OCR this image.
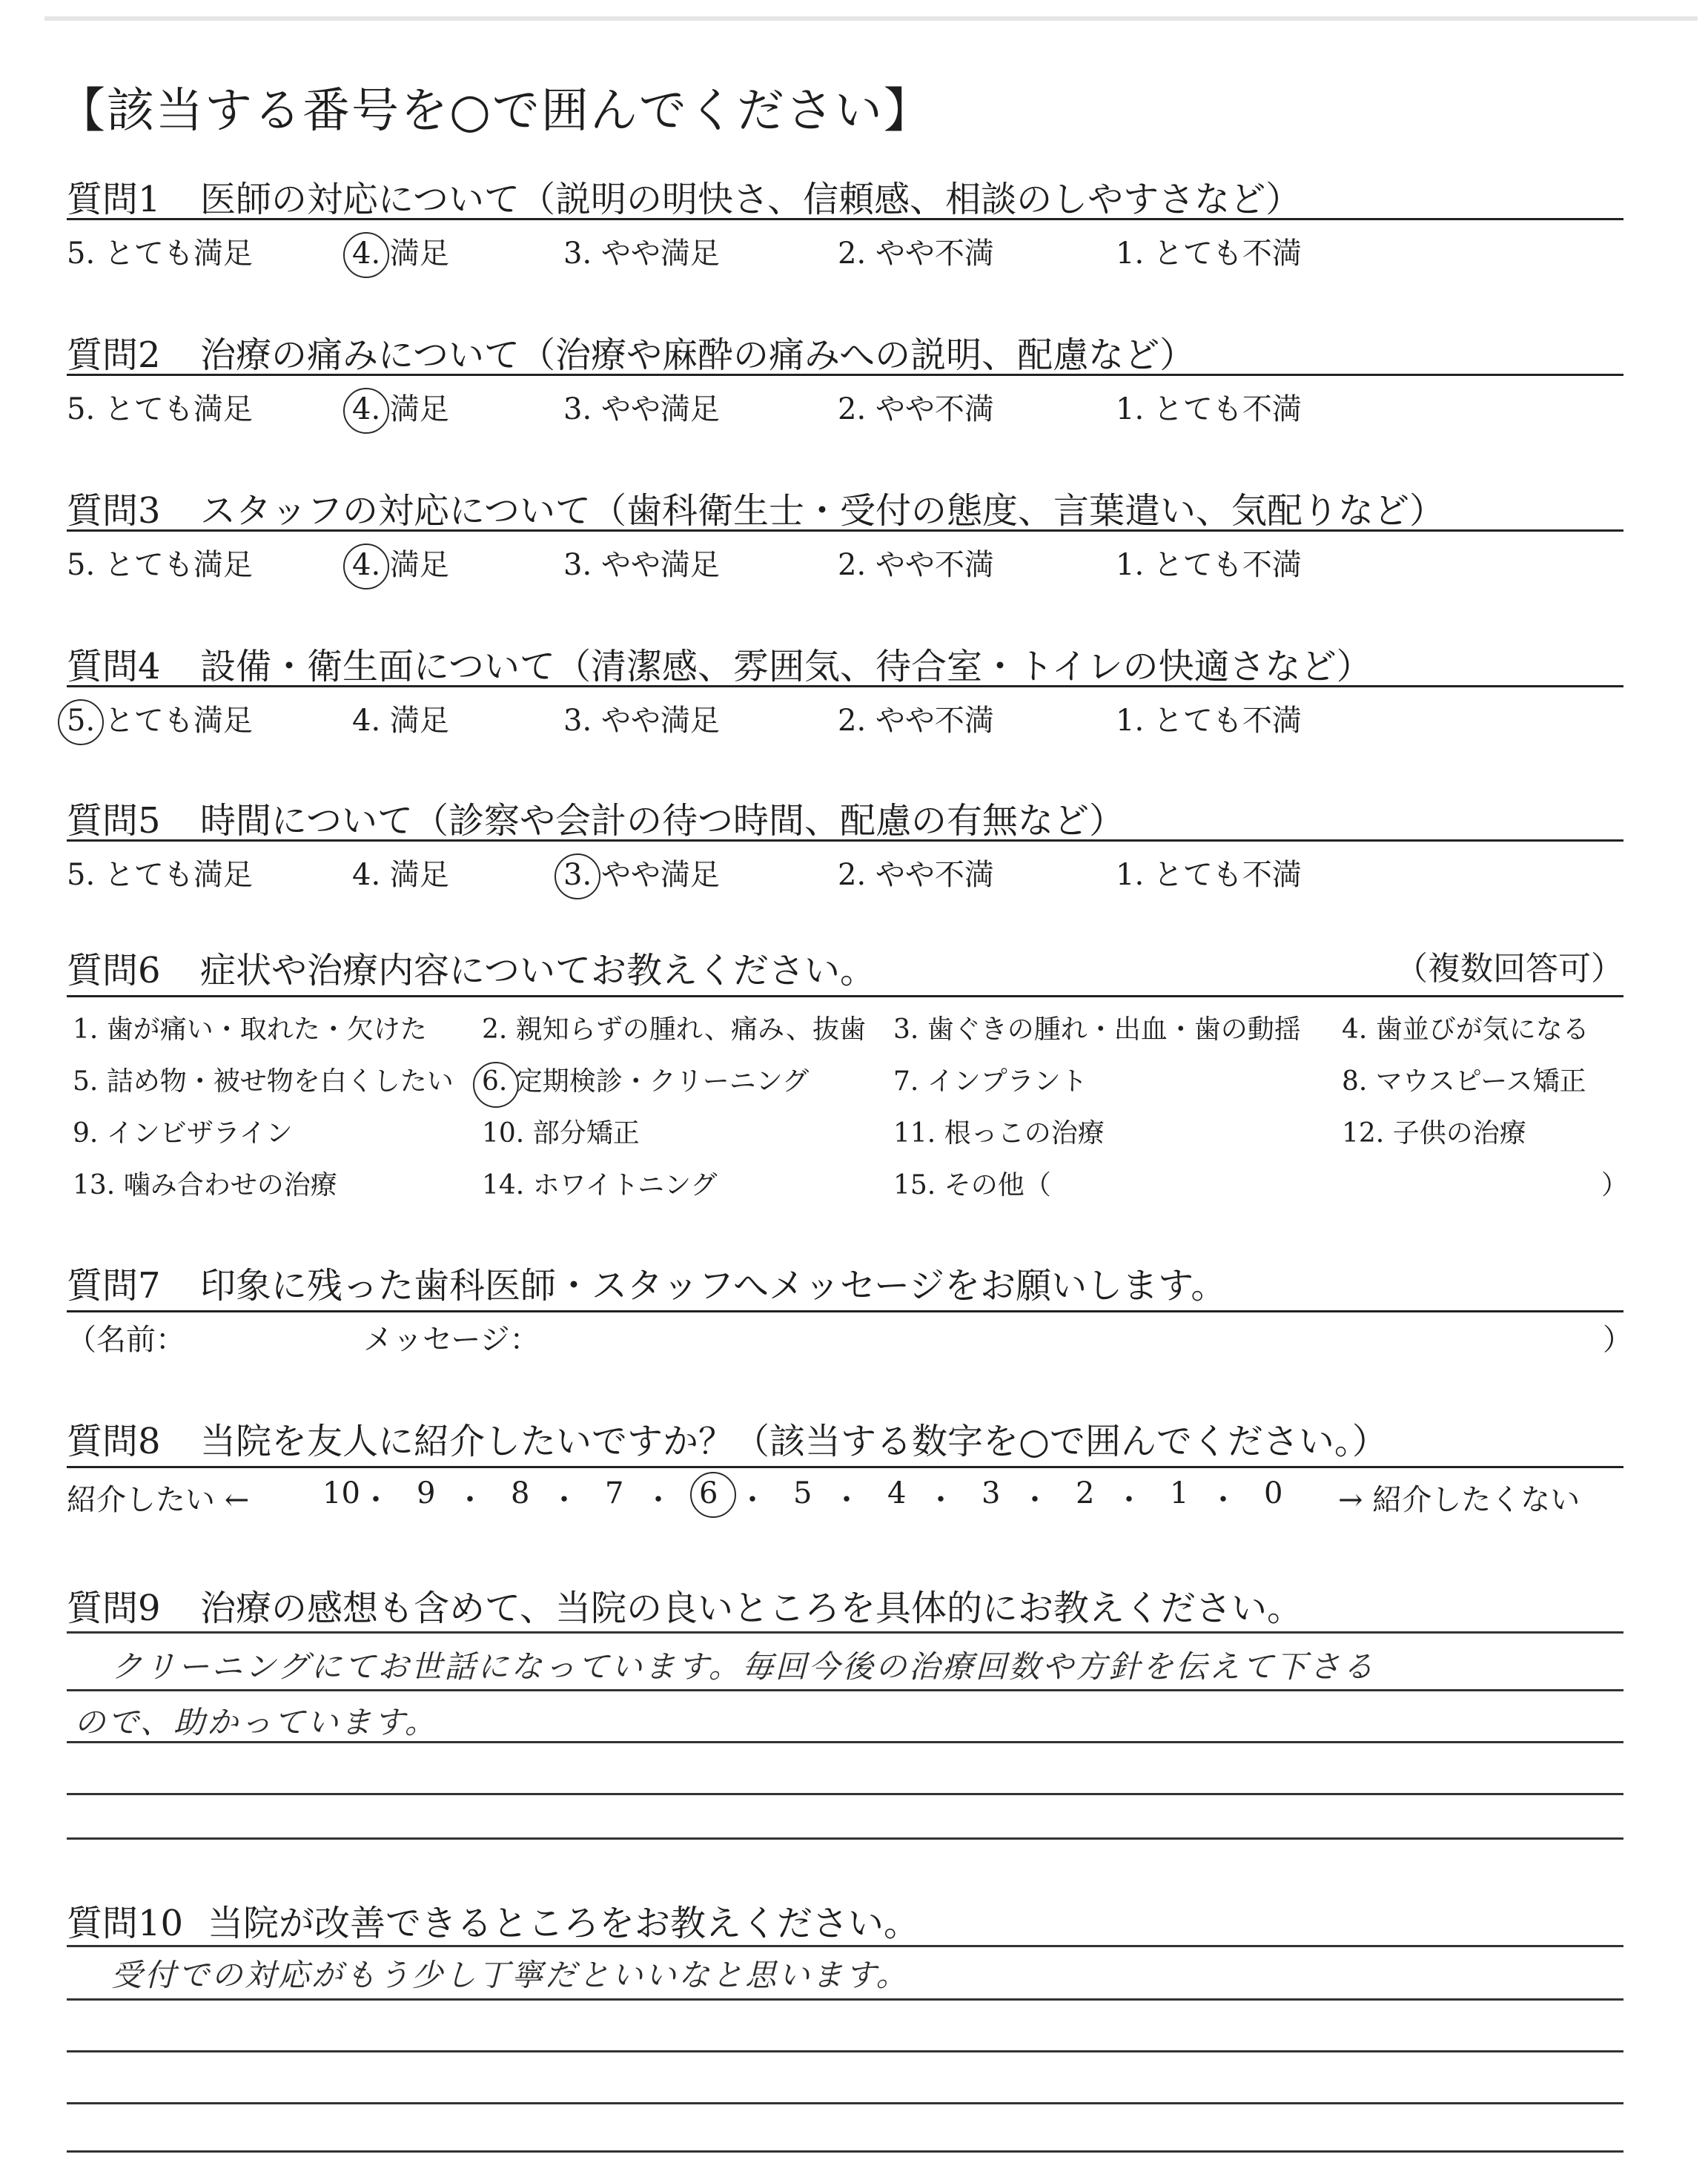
【該当する番号を○で囲んでください】
質問1 医師の対応について（説明の明快さ、信頼感、相談のしやすさなど）
5. とても満足	4. 満足	3. やや満足	2. やや不満	1. とても不満
質問2 治療の痛みについて（治療や麻酔の痛みへの説明、配慮など）
5. とても満足	4. 満足	3. やや満足	2. やや不満	1. とても不満
質問3 スタッフの対応について（歯科衛生士・受付の態度、言葉遣い、気配りなど）
5. とても満足	4. 満足	3. やや満足	2. やや不満	1. とても不満
質問4 設備・衛生面について（清潔感、雰囲気、待合室・トイレの快適さなど）
5. とても満足	4. 満足	3. やや満足	2. やや不満	1. とても不満
質問5 時間について（診察や会計の待つ時間、配慮の有無など）
5. とても満足	4. 満足	3. やや満足	2. やや不満	1. とても不満
質問6 症状や治療内容についてお教えください。	（複数回答可）
1. 歯が痛い・取れた・欠けた 2. 親知らずの腫れ、痛み、抜歯 3. 歯ぐきの腫れ・出血・歯の動揺 4. 歯並びが気になる
5. 詰め物・被せ物を白くしたい 6. 定期検診・クリーニング	7. インプラント	8. マウスピース矯正
9. インビザライン	10. 部分矯正	11. 根っこの治療	12. 子供の治療
13. 噛み合わせの治療	14. ホワイトニング	15. その他（	）
質問7 印象に残った歯科医師・スタッフへメッセージをお願いします。
（名前：	メッセージ：	）
質問8 当院を友人に紹介したいですか？（該当する数字を○で囲んでください。）
紹介したい ← 10 ・ 9 ・ 8 ・ 7 ・ 6 ・ 5 ・ 4 ・ 3 ・ 2 ・ 1 ・ 0 → 紹介したくない
質問9 治療の感想も含めて、当院の良いところを具体的にお教えください。
クリーニングにてお世話になっています。毎回今後の治療回数や方針を伝えて下さる
ので、助かっています。
質問10 当院が改善できるところをお教えください。
受付での対応がもう少し丁寧だといいなと思います。
